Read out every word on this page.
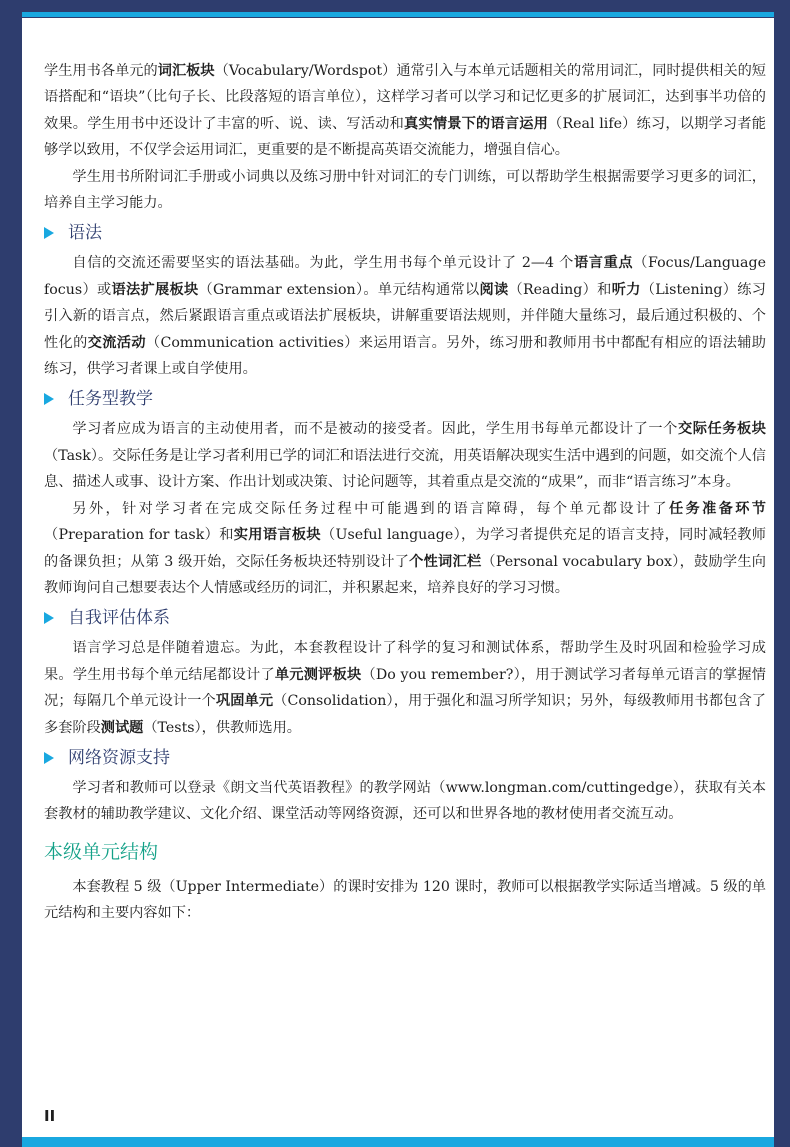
学生用书各单元的词汇板块（Vocabulary/Wordspot）通常引入与本单元话题相关的常用词汇，同时提供相关的短语搭配和“语块”（比句子长、比段落短的语言单位），这样学习者可以学习和记忆更多的扩展词汇，达到事半功倍的效果。学生用书中还设计了丰富的听、说、读、写活动和真实情景下的语言运用（Real life）练习，以期学习者能够学以致用，不仅学会运用词汇，更重要的是不断提高英语交流能力，增强自信心。

学生用书所附词汇手册或小词典以及练习册中针对词汇的专门训练，可以帮助学生根据需要学习更多的词汇，培养自主学习能力。

语法

自信的交流还需要坚实的语法基础。为此，学生用书每个单元设计了 2—4 个语言重点（Focus/Language focus）或语法扩展板块（Grammar extension）。单元结构通常以阅读（Reading）和听力（Listening）练习引入新的语言点，然后紧跟语言重点或语法扩展板块，讲解重要语法规则，并伴随大量练习，最后通过积极的、个性化的交流活动（Communication activities）来运用语言。另外，练习册和教师用书中都配有相应的语法辅助练习，供学习者课上或自学使用。

任务型教学

学习者应成为语言的主动使用者，而不是被动的接受者。因此，学生用书每单元都设计了一个交际任务板块（Task）。交际任务是让学习者利用已学的词汇和语法进行交流，用英语解决现实生活中遇到的问题，如交流个人信息、描述人或事、设计方案、作出计划或决策、讨论问题等，其着重点是交流的“成果”，而非“语言练习”本身。

另外，针对学习者在完成交际任务过程中可能遇到的语言障碍，每个单元都设计了任务准备环节（Preparation for task）和实用语言板块（Useful language），为学习者提供充足的语言支持，同时减轻教师的备课负担；从第 3 级开始，交际任务板块还特别设计了个性词汇栏（Personal vocabulary box），鼓励学生向教师询问自己想要表达个人情感或经历的词汇，并积累起来，培养良好的学习习惯。

自我评估体系

语言学习总是伴随着遗忘。为此，本套教程设计了科学的复习和测试体系，帮助学生及时巩固和检验学习成果。学生用书每个单元结尾都设计了单元测评板块（Do you remember?），用于测试学习者每单元语言的掌握情况；每隔几个单元设计一个巩固单元（Consolidation），用于强化和温习所学知识；另外，每级教师用书都包含了多套阶段测试题（Tests），供教师选用。

网络资源支持

学习者和教师可以登录《朗文当代英语教程》的教学网站（www.longman.com/cuttingedge），获取有关本套教材的辅助教学建议、文化介绍、课堂活动等网络资源，还可以和世界各地的教材使用者交流互动。

本级单元结构

本套教程 5 级（Upper Intermediate）的课时安排为 120 课时，教师可以根据教学实际适当增减。5 级的单元结构和主要内容如下：

II
